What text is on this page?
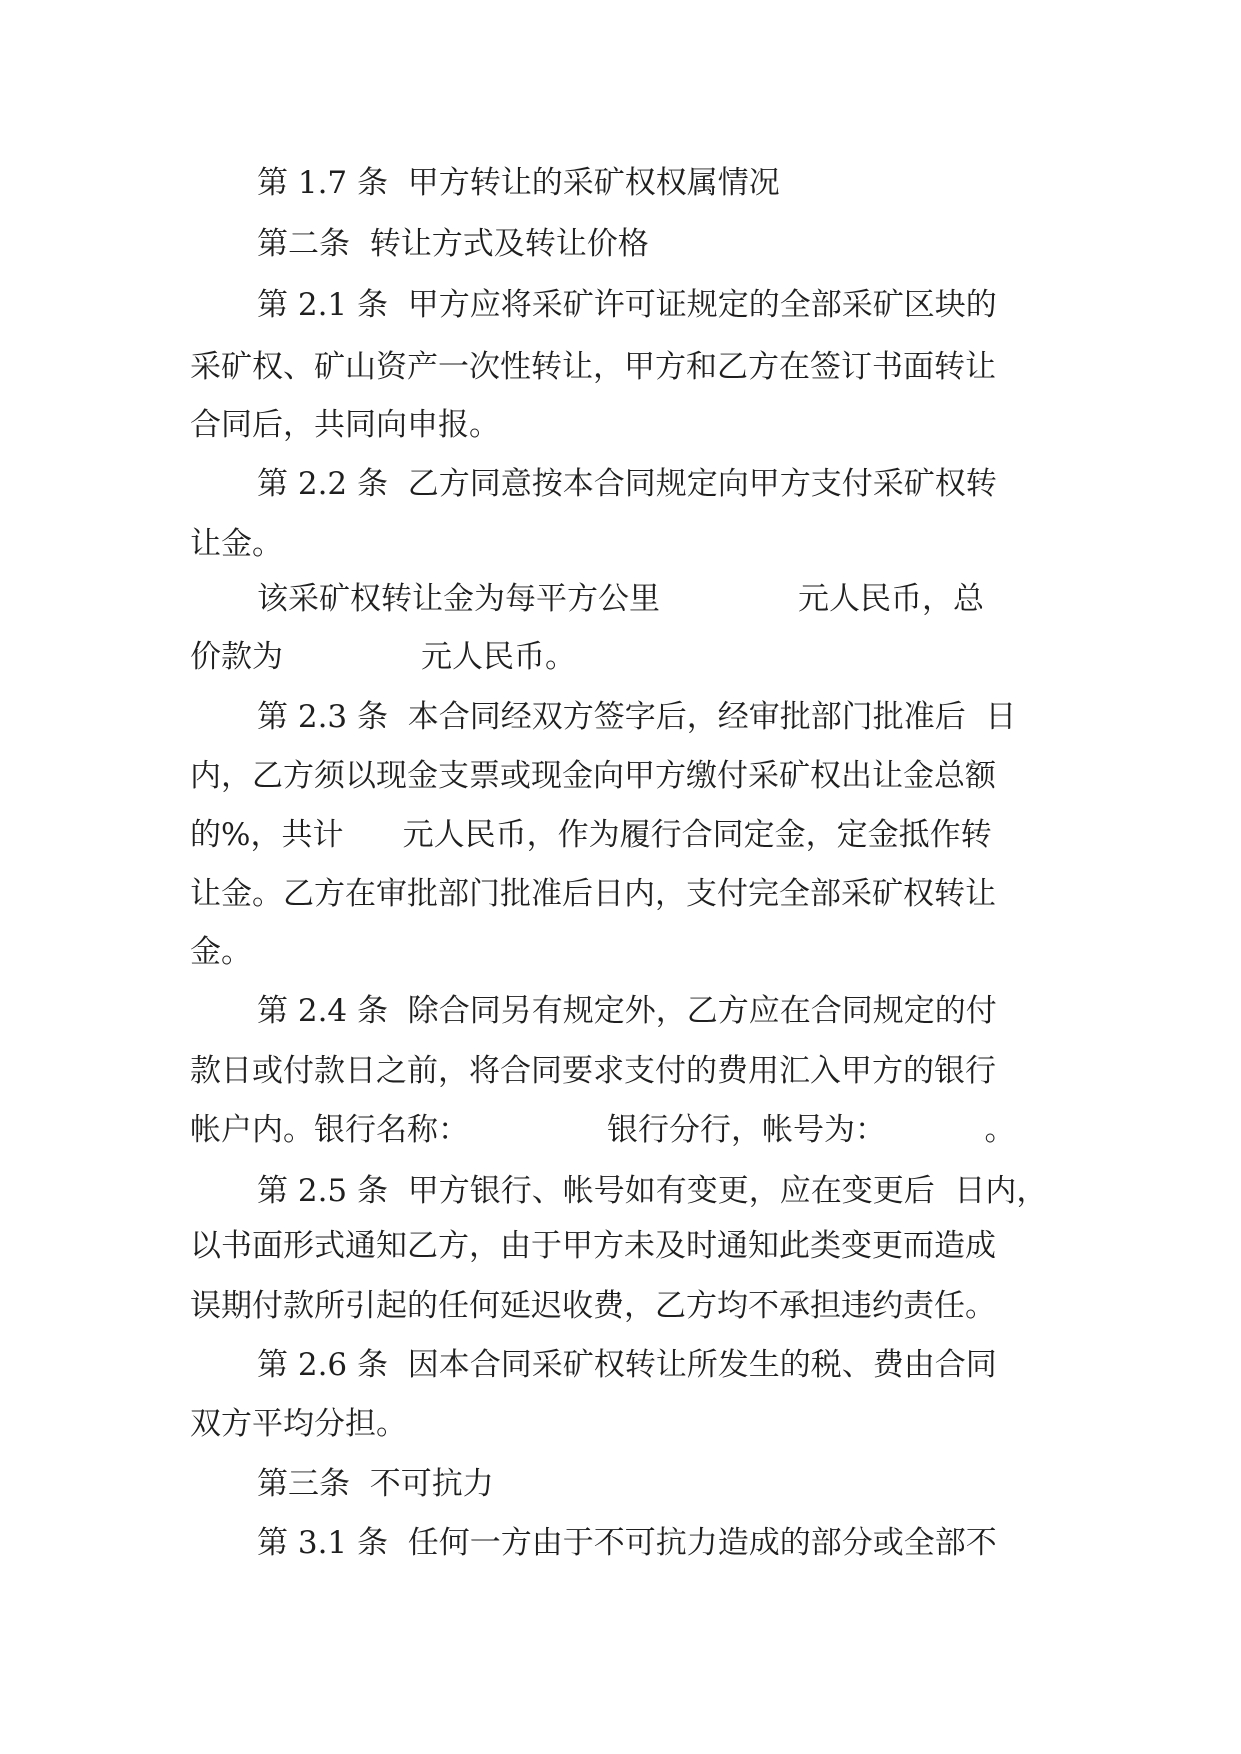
第 1.7 条  甲方转让的采矿权权属情况
第二条  转让方式及转让价格
第 2.1 条  甲方应将采矿许可证规定的全部采矿区块的
采矿权、矿山资产一次性转让，甲方和乙方在签订书面转让
合同后，共同向申报。
第 2.2 条  乙方同意按本合同规定向甲方支付采矿权转
让金。
该采矿权转让金为每平方公里              元人民币，总
价款为              元人民币。
第 2.3 条  本合同经双方签字后，经审批部门批准后  日
内，乙方须以现金支票或现金向甲方缴付采矿权出让金总额
的%，共计      元人民币，作为履行合同定金，定金抵作转
让金。乙方在审批部门批准后日内，支付完全部采矿权转让
金。
第 2.4 条  除合同另有规定外，乙方应在合同规定的付
款日或付款日之前，将合同要求支付的费用汇入甲方的银行
帐户内。银行名称：              银行分行，帐号为：          。
第 2.5 条  甲方银行、帐号如有变更，应在变更后  日内，
以书面形式通知乙方，由于甲方未及时通知此类变更而造成
误期付款所引起的任何延迟收费，乙方均不承担违约责任。
第 2.6 条  因本合同采矿权转让所发生的税、费由合同
双方平均分担。
第三条  不可抗力
第 3.1 条  任何一方由于不可抗力造成的部分或全部不
